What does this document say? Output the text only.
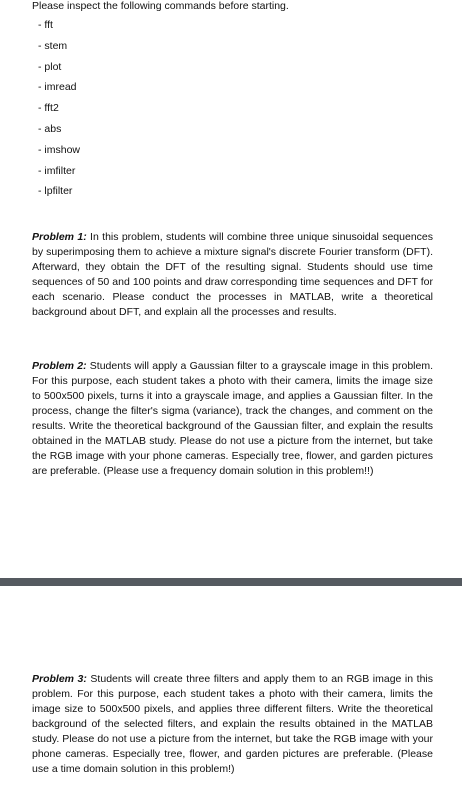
Please inspect the following commands before starting.
- fft
- stem
- plot
- imread
- fft2
- abs
- imshow
- imfilter
- lpfilter

Problem 1: In this problem, students will combine three unique sinusoidal sequences by superimposing them to achieve a mixture signal's discrete Fourier transform (DFT). Afterward, they obtain the DFT of the resulting signal. Students should use time sequences of 50 and 100 points and draw corresponding time sequences and DFT for each scenario. Please conduct the processes in MATLAB, write a theoretical background about DFT, and explain all the processes and results.

Problem 2: Students will apply a Gaussian filter to a grayscale image in this problem. For this purpose, each student takes a photo with their camera, limits the image size to 500x500 pixels, turns it into a grayscale image, and applies a Gaussian filter. In the process, change the filter's sigma (variance), track the changes, and comment on the results. Write the theoretical background of the Gaussian filter, and explain the results obtained in the MATLAB study. Please do not use a picture from the internet, but take the RGB image with your phone cameras. Especially tree, flower, and garden pictures are preferable. (Please use a frequency domain solution in this problem!!)

Problem 3: Students will create three filters and apply them to an RGB image in this problem. For this purpose, each student takes a photo with their camera, limits the image size to 500x500 pixels, and applies three different filters. Write the theoretical background of the selected filters, and explain the results obtained in the MATLAB study. Please do not use a picture from the internet, but take the RGB image with your phone cameras. Especially tree, flower, and garden pictures are preferable. (Please use a time domain solution in this problem!)
